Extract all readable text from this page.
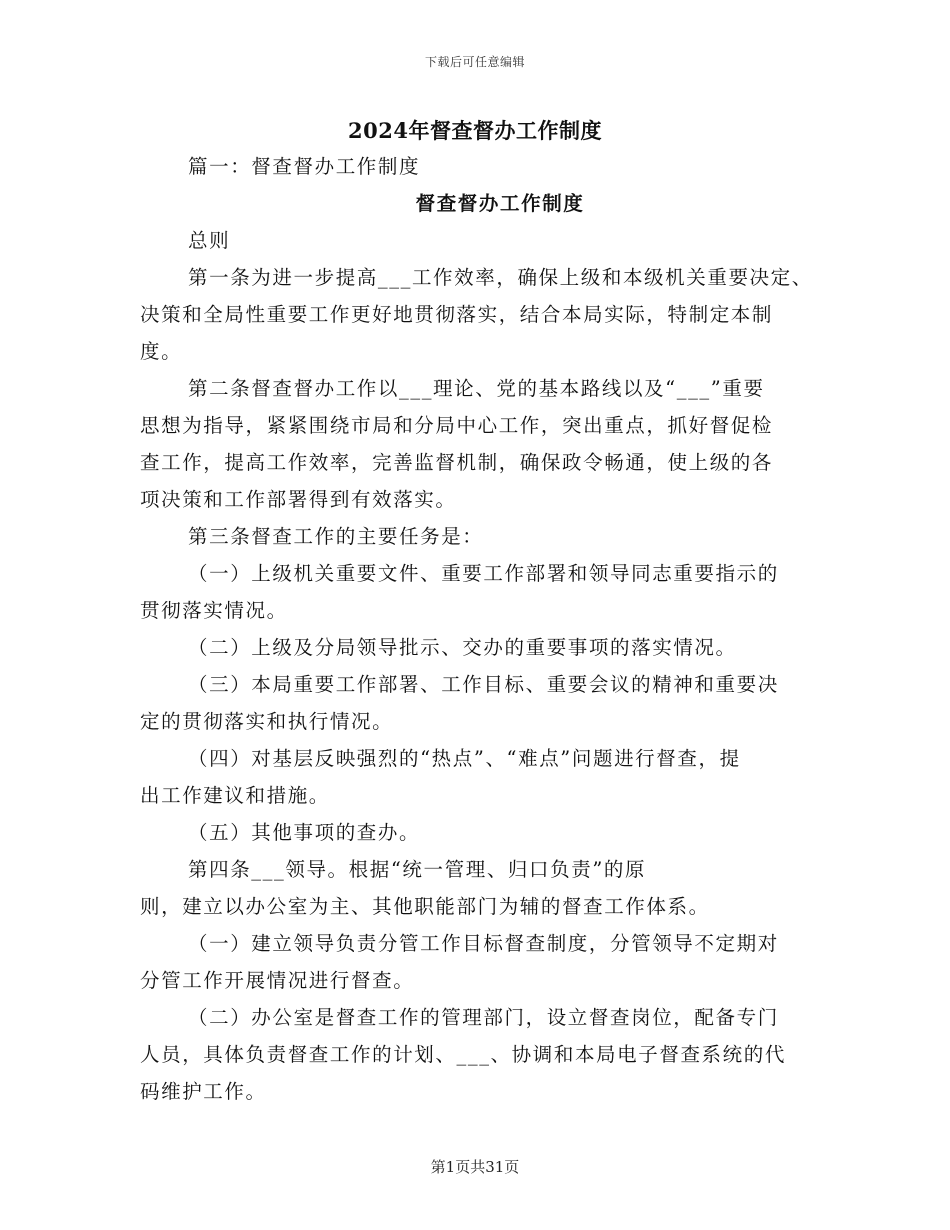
下载后可任意编辑
2024年督查督办工作制度
篇一：督查督办工作制度
督查督办工作制度
总则
第一条为进一步提高___工作效率，确保上级和本级机关重要决定、
决策和全局性重要工作更好地贯彻落实，结合本局实际，特制定本制
度。
第二条督查督办工作以___理论、党的基本路线以及“___”重要
思想为指导，紧紧围绕市局和分局中心工作，突出重点，抓好督促检
查工作，提高工作效率，完善监督机制，确保政令畅通，使上级的各
项决策和工作部署得到有效落实。
第三条督查工作的主要任务是：
（一）上级机关重要文件、重要工作部署和领导同志重要指示的
贯彻落实情况。
（二）上级及分局领导批示、交办的重要事项的落实情况。
（三）本局重要工作部署、工作目标、重要会议的精神和重要决
定的贯彻落实和执行情况。
（四）对基层反映强烈的“热点”、“难点”问题进行督查，提
出工作建议和措施。
（五）其他事项的查办。
第四条___领导。根据“统一管理、归口负责”的原
则，建立以办公室为主、其他职能部门为辅的督查工作体系。
（一）建立领导负责分管工作目标督查制度，分管领导不定期对
分管工作开展情况进行督查。
（二）办公室是督查工作的管理部门，设立督查岗位，配备专门
人员，具体负责督查工作的计划、___、协调和本局电子督查系统的代
码维护工作。
第1页共31页
